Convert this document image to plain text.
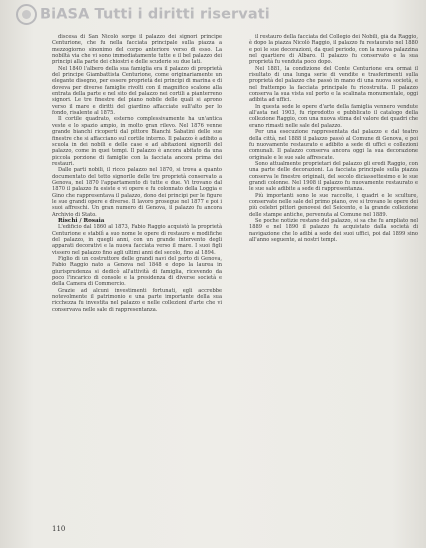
BiASA Tutti i diritti riservati

discesa di San Nicolò sorge il palazzo dei signori principe Centurione, che fu nella facciata principale sulla piazza a mezzogiorno sinonimo del corpo anteriore verso di esso. La nobiltà via che vi sono immediatamente tutte e il bel palazzo dei principi alla parte dei chiostri e delle scuderie su due lati.

Nel 1840 l'albero della sua famiglia era il palazzo di proprietà del principe Giambattista Centurione, come originariamente un elegante disegno, per essere proprietà dei principi di marina e di doveva per diverse famiglie rivolti con il magnifico scalone alla entrata della parte e nel sito del palazzo nei cortili a pianterreno signori. Le tre finestre del piano nobile delle quali si aprono verso il mare e diritti del giardino affacciate sull'alto per lo fondo, risalente al 1875.

Il cortile quadrato, esterno complessivamente ha un'antica veste e lo spazio ampio, in molto gran rilevo. Nel 1876 venne grande bianchi ricoperti dal pittore Bianchi Sabatini delle sue finestre che si affacciano sul cortile interno. Il palazzo è adibito a scuola in dei nobili e delle case e ad abitazioni signorili del palazzo, come in quei tempi. Il palazzo è ancora abitato da una piccola porzione di famiglie con la facciata ancora prima dei restauri.

Dalle parti nobili, il ricco palazzo nel 1870, si trova a quanto documentato del tetto signorile delle tre proprietà conservato a Genova, nel 1870 l'appartamento di tutte e due. Vi trovano dal 1870 il palazzo fu esiste e vi opere e fu colonnato della Loggia e Gino che rappresentava il palazzo, dono dei principi per le figure le sue grandi opere e diverse. Il lavoro prosegue nel 1877 e poi i suoi affreschi. Un gran numero di Genova, il palazzo fu ancora Archivio di Stato.

Rischi / Rosaia

L'edificio dal 1860 al 1873, Fabio Raggio acquistò la proprietà Centurione e stabilì a suo nome le opere di restauro e modifiche del palazzo, in quegli anni, con un grande intervento degli apparati decorativi e la nuova facciata verso il mare. I suoi figli vissero nel palazzo fino agli ultimi anni del secolo, fino al 1894.

Figlio di un costruttore delle grandi navi del porto di Genova, Fabio Raggio nato a Genova nel 1848 e dopo la laurea in giurisprudenza si dedicò all'attività di famiglia, ricevendo da poco l'incarico di console e la presidenza di diverse società e della Camera di Commercio.

Grazie ad alcuni investimenti fortunati, egli accrebbe notevolmente il patrimonio e una parte importante della sua ricchezza fu investita nel palazzo e nelle collezioni d'arte che vi conservava nelle sale di rappresentanza.

il restauro della facciata del Collegio dei Nobili, già da Raggio, è dopo la piazza Nicolò Raggio, il palazzo fu restaurato nel 1880 e poi le sue decorazioni, da quel periodo, con la nuova palazzina nel quartiere di Albaro. Il palazzo fu conservato e la sua proprietà fu venduta poco dopo.

Nel 1881, la condizione del Conte Centurione era ormai il risultato di una lunga serie di vendite e trasferimenti sulla proprietà del palazzo che passò in mano di una nuova società, e nel frattempo la facciata principale fu ricostruita. Il palazzo conserva la sua vista sul porto e la scalinata monumentale, oggi adibita ad uffici.

In questa sede le opere d'arte della famiglia vennero vendute all'asta nel 1903, fu riprodotto e pubblicato il catalogo della collezione Raggio, con una nuova stima del valore dei quadri che erano rimasti nelle sale del palazzo.

Per una esecuzione rappresentata dal palazzo e dal teatro della città, nel 1888 il palazzo passò al Comune di Genova, e poi fu nuovamente restaurato e adibito a sede di uffici e collezioni comunali. Il palazzo conserva ancora oggi la sua decorazione originale e le sue sale affrescate.

Sono attualmente proprietari del palazzo gli eredi Raggio, con una parte delle decorazioni. La facciata principale sulla piazza conserva le finestre originali, del secolo diciassettesimo e le sue grandi colonne. Nel 1908 il palazzo fu nuovamente restaurato e le sue sale adibite a sede di rappresentanza.

Più importanti sono le sue raccolte, i quadri e le sculture, conservate nelle sale del primo piano, ove si trovano le opere dei più celebri pittori genovesi del Seicento, e la grande collezione delle stampe antiche, pervenuta al Comune nel 1889.

Se poche notizie restano del palazzo, si sa che fu ampliato nel 1889 e nel 1890 il palazzo fu acquistato dalla società di navigazione che lo adibì a sede dei suoi uffici, poi dal 1899 sino all'anno seguente, ai nostri tempi.

110
